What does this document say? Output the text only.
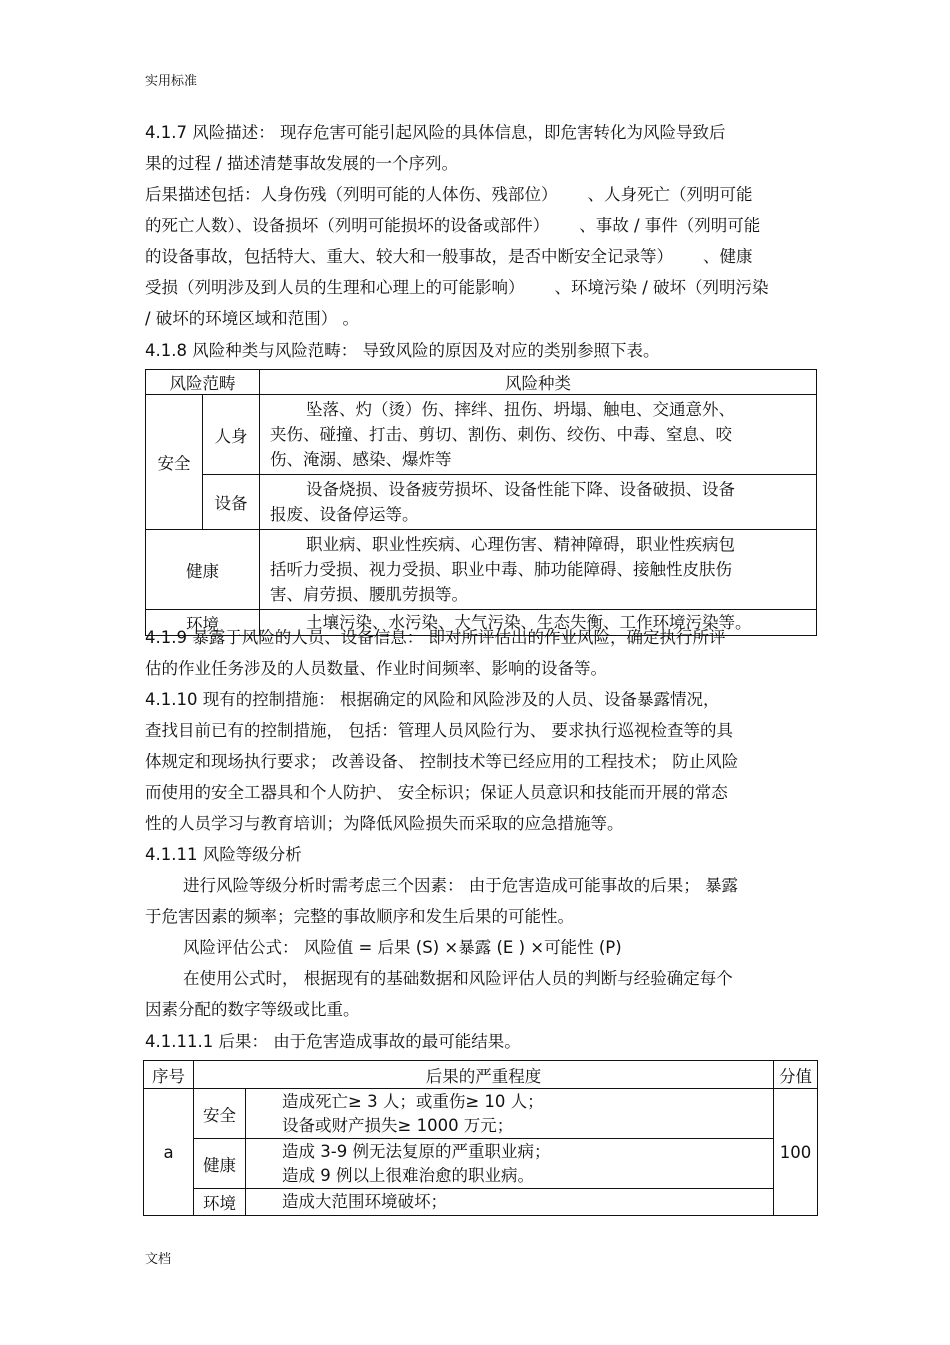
实用标准
4.1.7 风险描述： 现存危害可能引起风险的具体信息，即危害转化为风险导致后
果的过程 / 描述清楚事故发展的一个序列。
后果描述包括：人身伤残（列明可能的人体伤、残部位） 、人身死亡（列明可能
的死亡人数）、设备损坏（列明可能损坏的设备或部件） 、事故 / 事件（列明可能
的设备事故，包括特大、重大、较大和一般事故，是否中断安全记录等） 、健康
受损（列明涉及到人员的生理和心理上的可能影响） 、环境污染 / 破坏（列明污染
/ 破坏的环境区域和范围） 。
4.1.8 风险种类与风险范畴： 导致风险的原因及对应的类别参照下表。
风险范畴		风险种类
安全	人身	坠落、灼（烫）伤、摔绊、扭伤、坍塌、触电、交通意外、
夹伤、碰撞、打击、剪切、割伤、刺伤、绞伤、中毒、窒息、咬
伤、淹溺、感染、爆炸等

	设备	设备烧损、设备疲劳损坏、设备性能下降、设备破损、设备
报废、设备停运等。

健康		职业病、职业性疾病、心理伤害、精神障碍，职业性疾病包
括听力受损、视力受损、职业中毒、肺功能障碍、接触性皮肤伤
害、肩劳损、腰肌劳损等。

环境		土壤污染、水污染、大气污染、生态失衡、工作环境污染等。
4.1.9 暴露于风险的人员、设备信息： 即对所评估出的作业风险，确定执行所评
估的作业任务涉及的人员数量、作业时间频率、影响的设备等。
4.1.10 现有的控制措施： 根据确定的风险和风险涉及的人员、设备暴露情况，
查找目前已有的控制措施， 包括：管理人员风险行为、 要求执行巡视检查等的具
体规定和现场执行要求； 改善设备、 控制技术等已经应用的工程技术； 防止风险
而使用的安全工器具和个人防护、 安全标识；保证人员意识和技能而开展的常态
性的人员学习与教育培训；为降低风险损失而采取的应急措施等。
4.1.11 风险等级分析
进行风险等级分析时需考虑三个因素： 由于危害造成可能事故的后果； 暴露
于危害因素的频率；完整的事故顺序和发生后果的可能性。
风险评估公式： 风险值 = 后果 (S) ×暴露 (E ) ×可能性 (P)
在使用公式时， 根据现有的基础数据和风险评估人员的判断与经验确定每个
因素分配的数字等级或比重。
4.1.11.1 后果： 由于危害造成事故的最可能结果。
序号	后果的严重程度		分值
a	安全	造成死亡≥ 3 人；或重伤≥ 10 人；
设备或财产损失≥ 1000 万元；	100
	健康	造成 3-9 例无法复原的严重职业病；
造成 9 例以上很难治愈的职业病。	

	环境	造成大范围环境破坏；	
文档
